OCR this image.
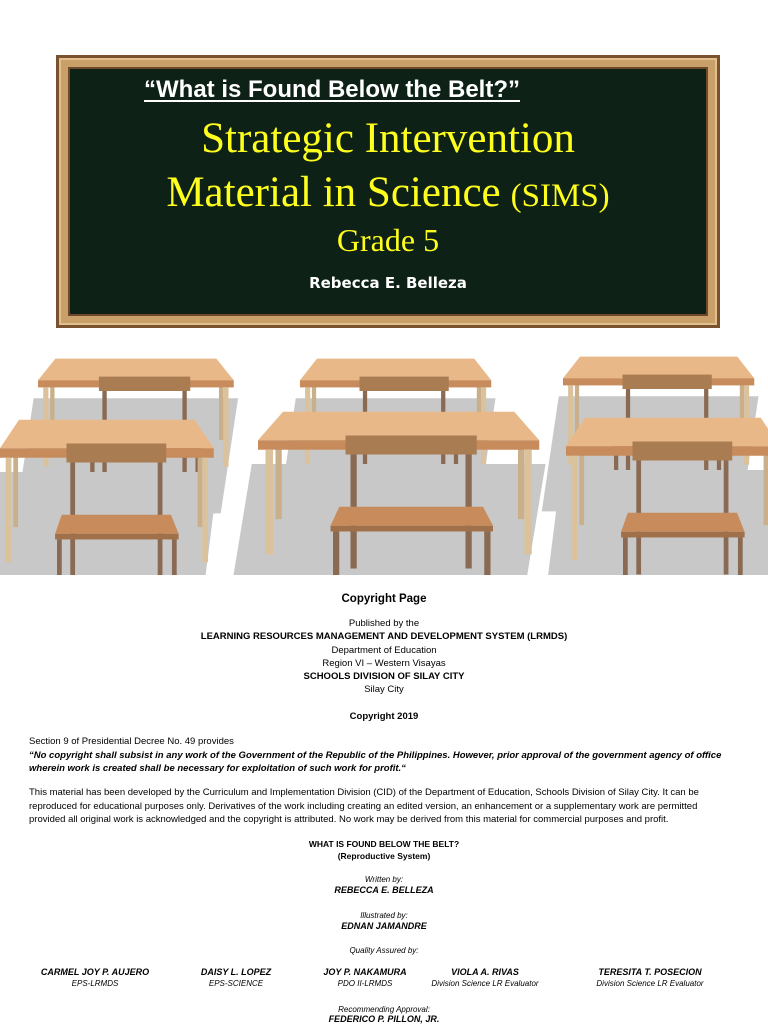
“What is Found Below the Belt?”
Strategic Intervention
Material in Science (SIMS)
Grade 5
Rebecca E. Belleza
Copyright Page
Published by the
LEARNING RESOURCES MANAGEMENT AND DEVELOPMENT SYSTEM (LRMDS)
Department of Education
Region VI – Western Visayas
SCHOOLS DIVISION OF SILAY CITY
Silay City
Copyright 2019
Section 9 of Presidential Decree No. 49 provides
“No copyright shall subsist in any work of the Government of the Republic of the Philippines. However, prior approval of the government agency of office
wherein work is created shall be necessary for exploitation of such work for profit.“
This material has been developed by the Curriculum and Implementation Division (CID) of the Department of Education, Schools Division of Silay City. It can be
reproduced for educational purposes only. Derivatives of the work including creating an edited version, an enhancement or a supplementary work are permitted
provided all original work is acknowledged and the copyright is attributed. No work may be derived from this material for commercial purposes and profit.
WHAT IS FOUND BELOW THE BELT?
(Reproductive System)
Written by:
REBECCA E. BELLEZA
Illustrated by:
EDNAN JAMANDRE
Quality Assured by:
CARMEL JOY P. AUJERO
EPS-LRMDS
DAISY L. LOPEZ
EPS-SCIENCE
JOY P. NAKAMURA
PDO II-LRMDS
VIOLA A. RIVAS
Division Science LR Evaluator
TERESITA T. POSECION
Division Science LR Evaluator
Recommending Approval:
FEDERICO P. PILLON, JR.
